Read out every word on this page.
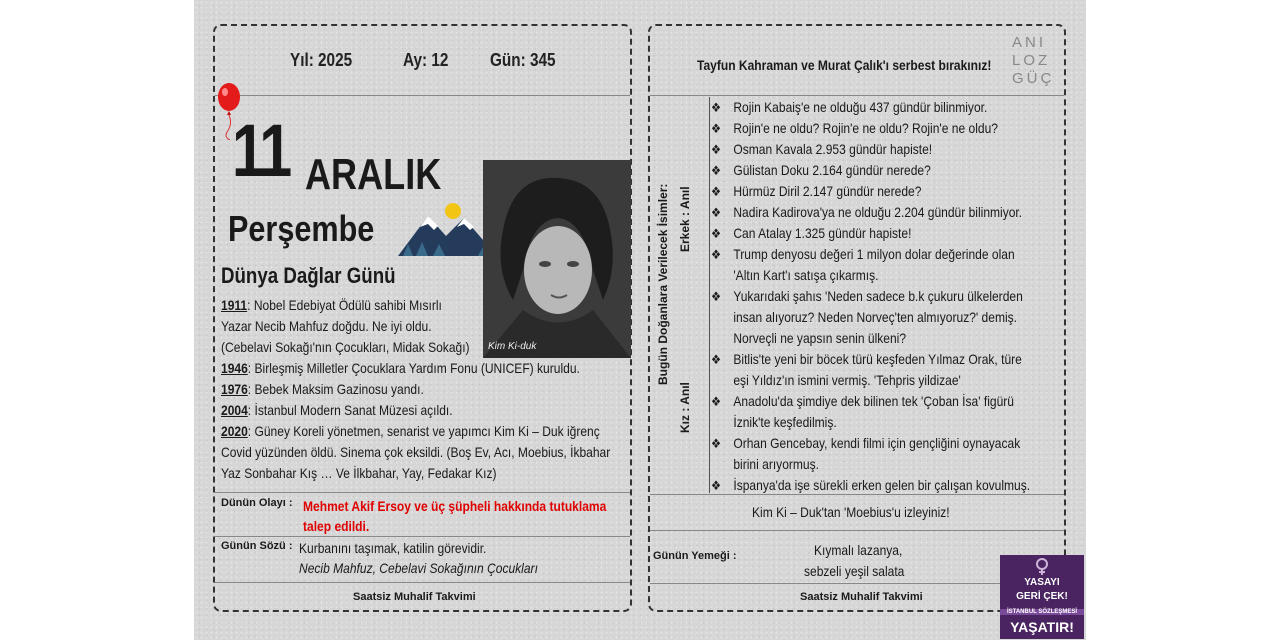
Yıl: 2025	Ay: 12 Gün: 345
11 ARALIK
Perşembe
Kim Ki-duk
Dünya Dağlar Günü
1911: Nobel Edebiyat Ödülü sahibi Mısırlı
Yazar Necib Mahfuz doğdu. Ne iyi oldu.
(Cebelavi Sokağı'nın Çocukları, Midak Sokağı)
1946: Birleşmiş Milletler Çocuklara Yardım Fonu (UNICEF) kuruldu.
1976: Bebek Maksim Gazinosu yandı.
2004: İstanbul Modern Sanat Müzesi açıldı.
2020: Güney Koreli yönetmen, senarist ve yapımcı Kim Ki – Duk iğrenç
Covid yüzünden öldü. Sinema çok eksildi. (Boş Ev, Acı, Moebius, İkbahar
Yaz Sonbahar Kış … Ve İlkbahar, Yay, Fedakar Kız)
Dünün Olayı : Mehmet Akif Ersoy ve üç şüpheli hakkında tutuklama
talep edildi.
Günün Sözü : Kurbanını taşımak, katilin görevidir.
Necib Mahfuz, Cebelavi Sokağının Çocukları
Saatsiz Muhalif Takvimi
Tayfun Kahraman ve Murat Çalık'ı serbest bırakınız!
ANI
LOZ
GÜÇ
Bugün Doğanlara Verilecek İsimler: Erkek : Anıl
Kız : Anıl
❖ Rojin Kabaiş'e ne olduğu 437 gündür bilinmiyor.
❖ Rojin'e ne oldu? Rojin'e ne oldu? Rojin'e ne oldu?
❖ Osman Kavala 2.953 gündür hapiste!
❖ Gülistan Doku 2.164 gündür nerede?
❖ Hürmüz Diril 2.147 gündür nerede?
❖ Nadira Kadirova'ya ne olduğu 2.204 gündür bilinmiyor.
❖ Can Atalay 1.325 gündür hapiste!
❖ Trump denyosu değeri 1 milyon dolar değerinde olan
'Altın Kart'ı satışa çıkarmış.
❖ Yukarıdaki şahıs 'Neden sadece b.k çukuru ülkelerden
insan alıyoruz? Neden Norveç'ten almıyoruz?' demiş.
Norveçli ne yapsın senin ülkeni?
❖ Bitlis'te yeni bir böcek türü keşfeden Yılmaz Orak, türe
eşi Yıldız'ın ismini vermiş. 'Tehpris yildizae'
❖ Anadolu'da şimdiye dek bilinen tek 'Çoban İsa' figürü
İznik'te keşfedilmiş.
❖ Orhan Gencebay, kendi filmi için gençliğini oynayacak
birini arıyormuş.
❖ İspanya'da işe sürekli erken gelen bir çalışan kovulmuş.
Kim Ki – Duk'tan 'Moebius'u izleyiniz!
Günün Yemeği :	Kıymalı lazanya,
sebzeli yeşil salata
Saatsiz Muhalif Takvimi
YASAYI
GERİ ÇEK!
İSTANBUL SÖZLEŞMESİ
YAŞATIR!
